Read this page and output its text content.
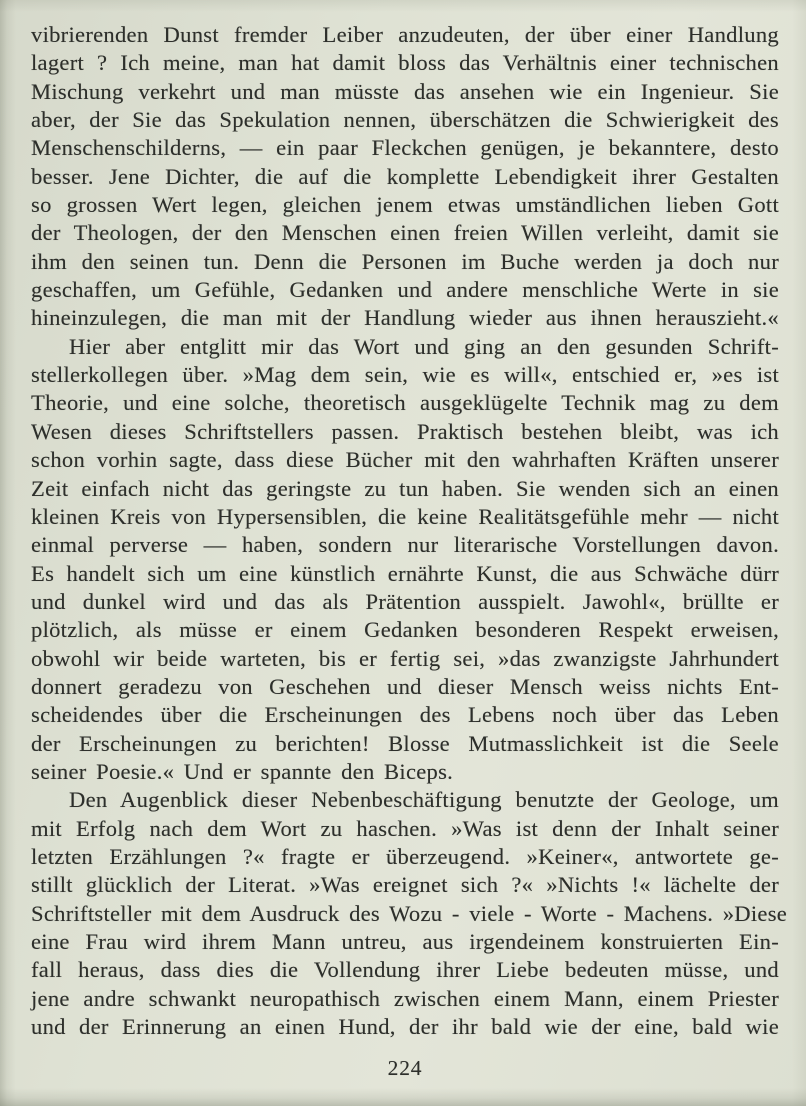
vibrierenden Dunst fremder Leiber anzudeuten, der über einer Handlung
lagert ? Ich meine, man hat damit bloss das Verhältnis einer technischen
Mischung verkehrt und man müsste das ansehen wie ein Ingenieur. Sie
aber, der Sie das Spekulation nennen, überschätzen die Schwierigkeit des
Menschenschilderns, — ein paar Fleckchen genügen, je bekanntere, desto
besser. Jene Dichter, die auf die komplette Lebendigkeit ihrer Gestalten
so grossen Wert legen, gleichen jenem etwas umständlichen lieben Gott
der Theologen, der den Menschen einen freien Willen verleiht, damit sie
ihm den seinen tun. Denn die Personen im Buche werden ja doch nur
geschaffen, um Gefühle, Gedanken und andere menschliche Werte in sie
hineinzulegen, die man mit der Handlung wieder aus ihnen herauszieht.«
Hier aber entglitt mir das Wort und ging an den gesunden Schrift-
stellerkollegen über. »Mag dem sein, wie es will«, entschied er, »es ist
Theorie, und eine solche, theoretisch ausgeklügelte Technik mag zu dem
Wesen dieses Schriftstellers passen. Praktisch bestehen bleibt, was ich
schon vorhin sagte, dass diese Bücher mit den wahrhaften Kräften unserer
Zeit einfach nicht das geringste zu tun haben. Sie wenden sich an einen
kleinen Kreis von Hypersensiblen, die keine Realitätsgefühle mehr — nicht
einmal perverse — haben, sondern nur literarische Vorstellungen davon.
Es handelt sich um eine künstlich ernährte Kunst, die aus Schwäche dürr
und dunkel wird und das als Prätention ausspielt. Jawohl«, brüllte er
plötzlich, als müsse er einem Gedanken besonderen Respekt erweisen,
obwohl wir beide warteten, bis er fertig sei, »das zwanzigste Jahrhundert
donnert geradezu von Geschehen und dieser Mensch weiss nichts Ent-
scheidendes über die Erscheinungen des Lebens noch über das Leben
der Erscheinungen zu berichten! Blosse Mutmasslichkeit ist die Seele
seiner Poesie.« Und er spannte den Biceps.
Den Augenblick dieser Nebenbeschäftigung benutzte der Geologe, um
mit Erfolg nach dem Wort zu haschen. »Was ist denn der Inhalt seiner
letzten Erzählungen ?« fragte er überzeugend. »Keiner«, antwortete ge-
stillt glücklich der Literat. »Was ereignet sich ?« »Nichts !« lächelte der
Schriftsteller mit dem Ausdruck des Wozu - viele - Worte - Machens. »Diese
eine Frau wird ihrem Mann untreu, aus irgendeinem konstruierten Ein-
fall heraus, dass dies die Vollendung ihrer Liebe bedeuten müsse, und
jene andre schwankt neuropathisch zwischen einem Mann, einem Priester
und der Erinnerung an einen Hund, der ihr bald wie der eine, bald wie
224
